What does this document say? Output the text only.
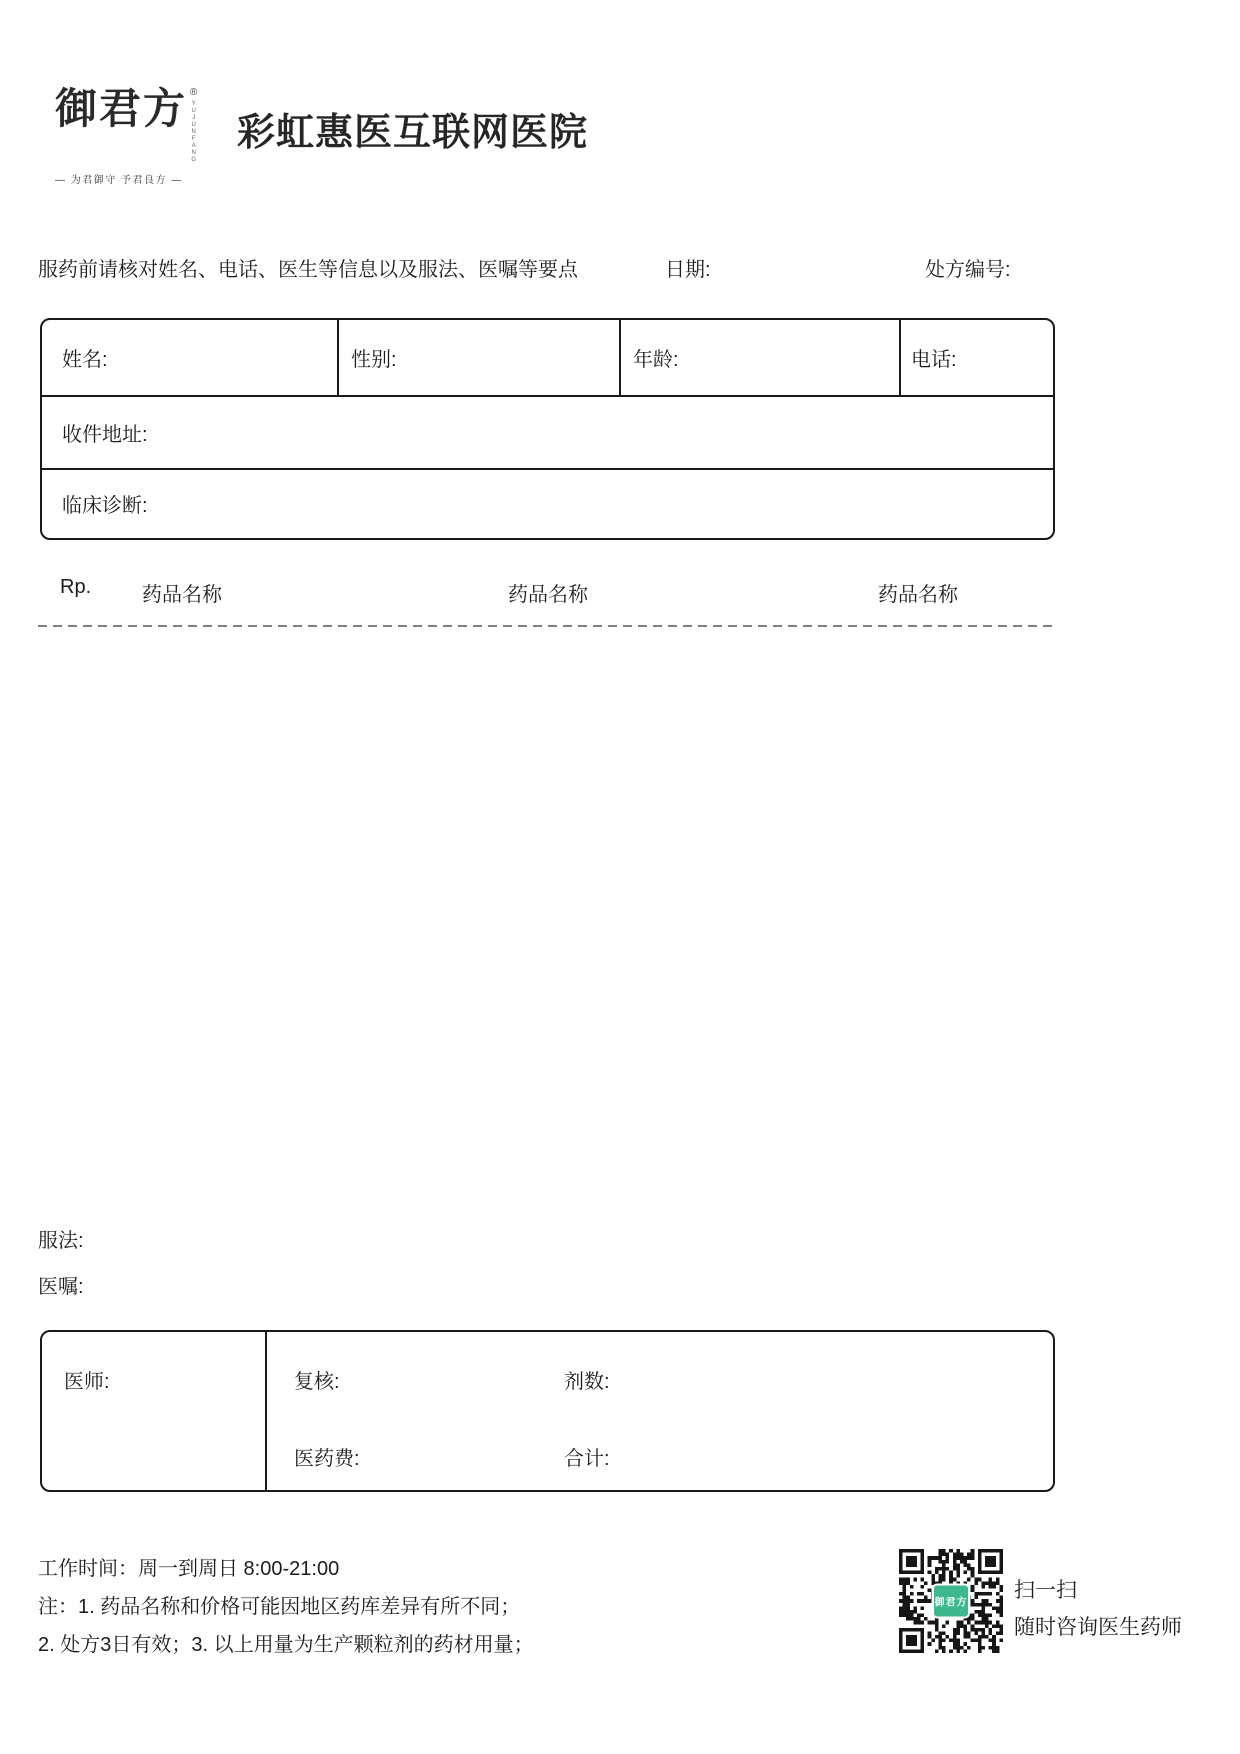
御君方 ®
YUJUNFANG
— 为君御守 予君良方 —
彩虹惠医互联网医院
服药前请核对姓名、电话、医生等信息以及服法、医嘱等要点	日期:	处方编号:
姓名:	性别:	年龄:	电话:
收件地址:
临床诊断:
Rp.	药品名称	药品名称	药品名称
服法:
医嘱:
医师:	复核:	剂数:
医药费:	合计:
工作时间：周一到周日 8:00-21:00
注：1. 药品名称和价格可能因地区药库差异有所不同；
2. 处方3日有效；3. 以上用量为生产颗粒剂的药材用量；
御君方
扫一扫
随时咨询医生药师
